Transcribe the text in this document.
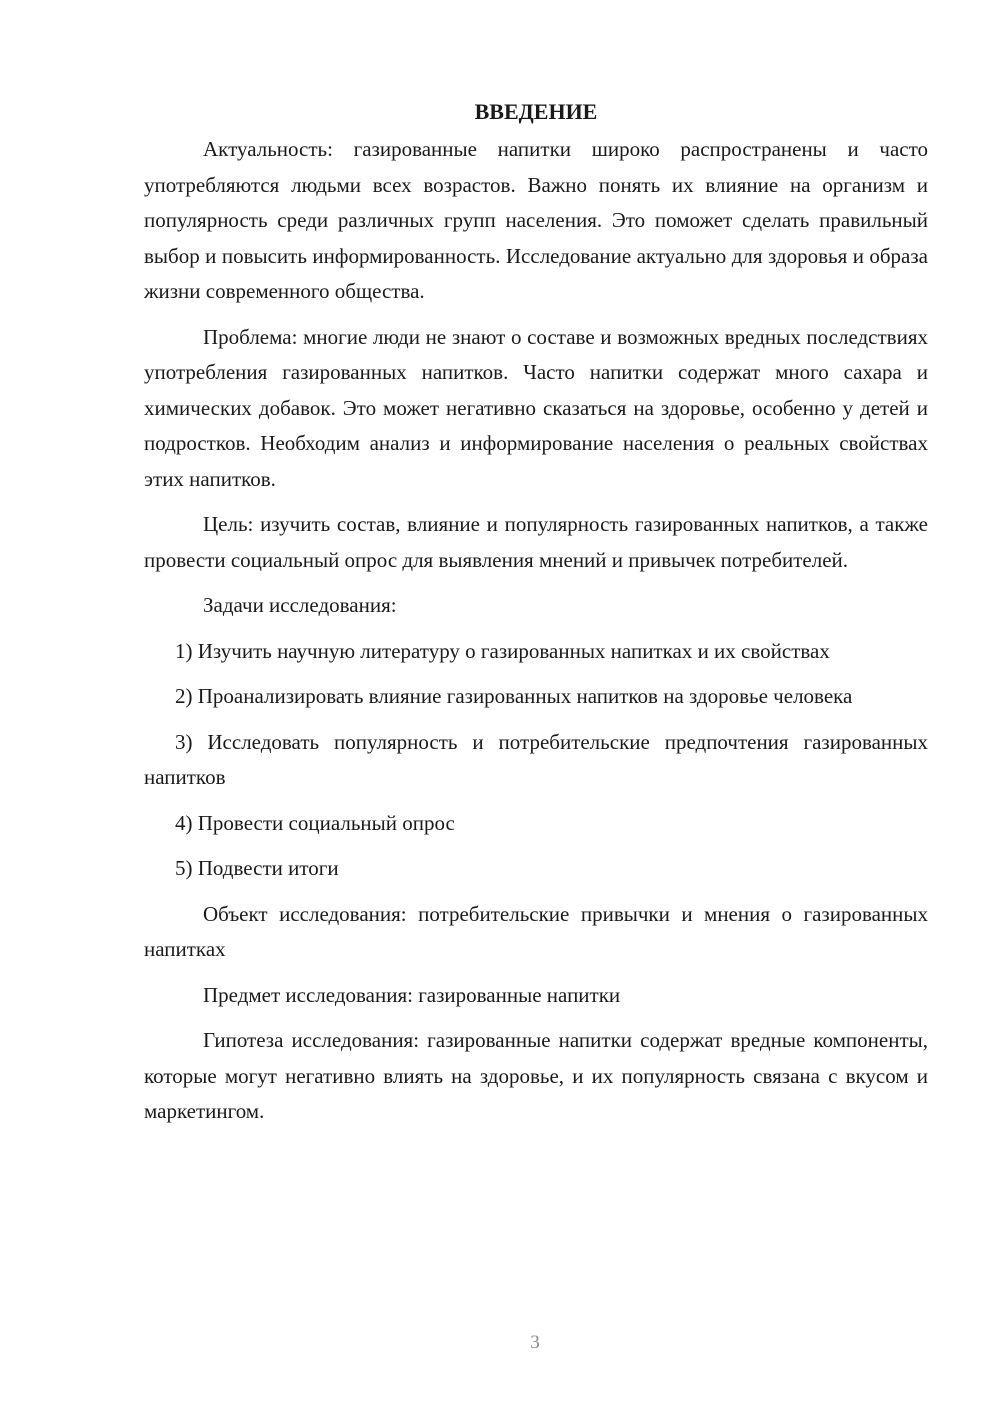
ВВЕДЕНИЕ

Актуальность: газированные напитки широко распространены и часто употребляются людьми всех возрастов. Важно понять их влияние на организм и популярность среди различных групп населения. Это поможет сделать правильный выбор и повысить информированность. Исследование актуально для здоровья и образа жизни современного общества.

Проблема: многие люди не знают о составе и возможных вредных последствиях употребления газированных напитков. Часто напитки содержат много сахара и химических добавок. Это может негативно сказаться на здоровье, особенно у детей и подростков. Необходим анализ и информирование населения о реальных свойствах этих напитков.

Цель: изучить состав, влияние и популярность газированных напитков, а также провести социальный опрос для выявления мнений и привычек потребителей.

Задачи исследования:

1) Изучить научную литературу о газированных напитках и их свойствах

2) Проанализировать влияние газированных напитков на здоровье человека

3) Исследовать популярность и потребительские предпочтения газированных напитков

4) Провести социальный опрос

5) Подвести итоги

Объект исследования: потребительские привычки и мнения о газированных напитках

Предмет исследования: газированные напитки

Гипотеза исследования: газированные напитки содержат вредные компоненты, которые могут негативно влиять на здоровье, и их популярность связана с вкусом и маркетингом.

3
